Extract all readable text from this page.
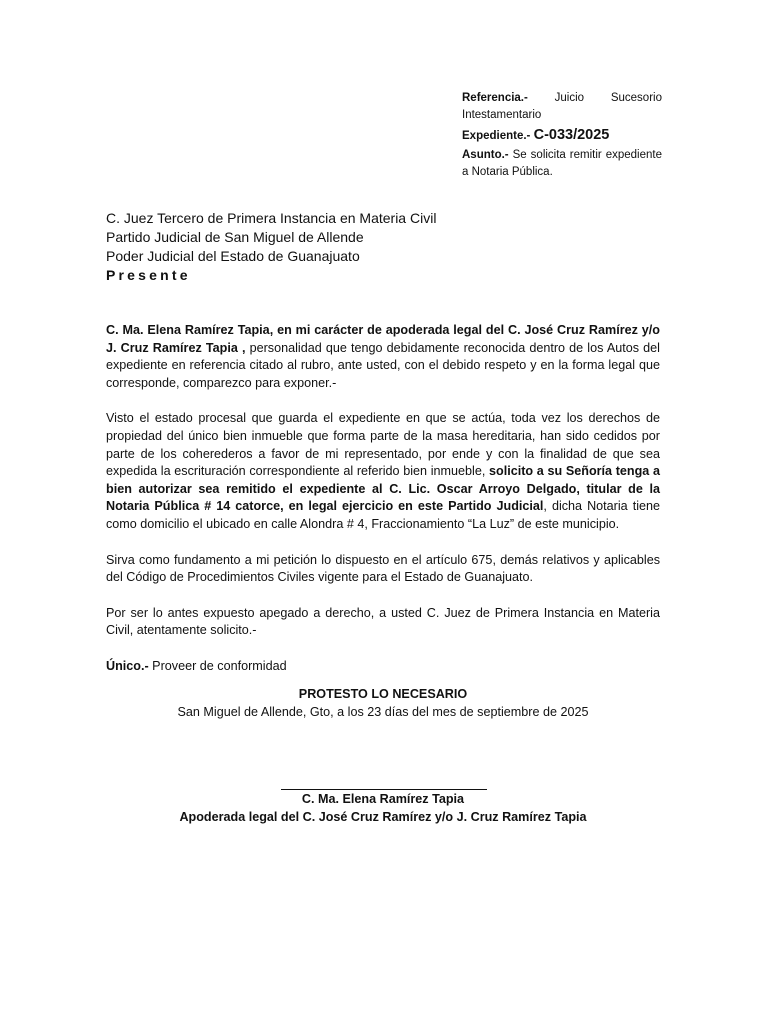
Referencia.- Juicio Sucesorio
Intestamentario
Expediente.- C-033/2025
Asunto.- Se solicita remitir expediente
a Notaria Pública.
C. Juez Tercero de Primera Instancia en Materia Civil
Partido Judicial de San Miguel de Allende
Poder Judicial del Estado de Guanajuato
Presente

C. Ma. Elena Ramírez Tapia, en mi carácter de apoderada legal del C. José Cruz Ramírez y/o J. Cruz Ramírez Tapia , personalidad que tengo debidamente reconocida dentro de los Autos del expediente en referencia citado al rubro, ante usted, con el debido respeto y en la forma legal que corresponde, comparezco para exponer.-

Visto el estado procesal que guarda el expediente en que se actúa, toda vez los derechos de propiedad del único bien inmueble que forma parte de la masa hereditaria, han sido cedidos por parte de los coherederos a favor de mi representado, por ende y con la finalidad de que sea expedida la escrituración correspondiente al referido bien inmueble, solicito a su Señoría tenga a bien autorizar sea remitido el expediente al C. Lic. Oscar Arroyo Delgado, titular de la Notaria Pública # 14 catorce, en legal ejercicio en este Partido Judicial, dicha Notaria tiene como domicilio el ubicado en calle Alondra # 4, Fraccionamiento “La Luz” de este municipio.

Sirva como fundamento a mi petición lo dispuesto en el artículo 675, demás relativos y aplicables del Código de Procedimientos Civiles vigente para el Estado de Guanajuato.

Por ser lo antes expuesto apegado a derecho, a usted C. Juez de Primera Instancia en Materia Civil, atentamente solicito.-

Único.- Proveer de conformidad

PROTESTO LO NECESARIO
San Miguel de Allende, Gto, a los 23 días del mes de septiembre de 2025
C. Ma. Elena Ramírez Tapia
Apoderada legal del C. José Cruz Ramírez y/o J. Cruz Ramírez Tapia
